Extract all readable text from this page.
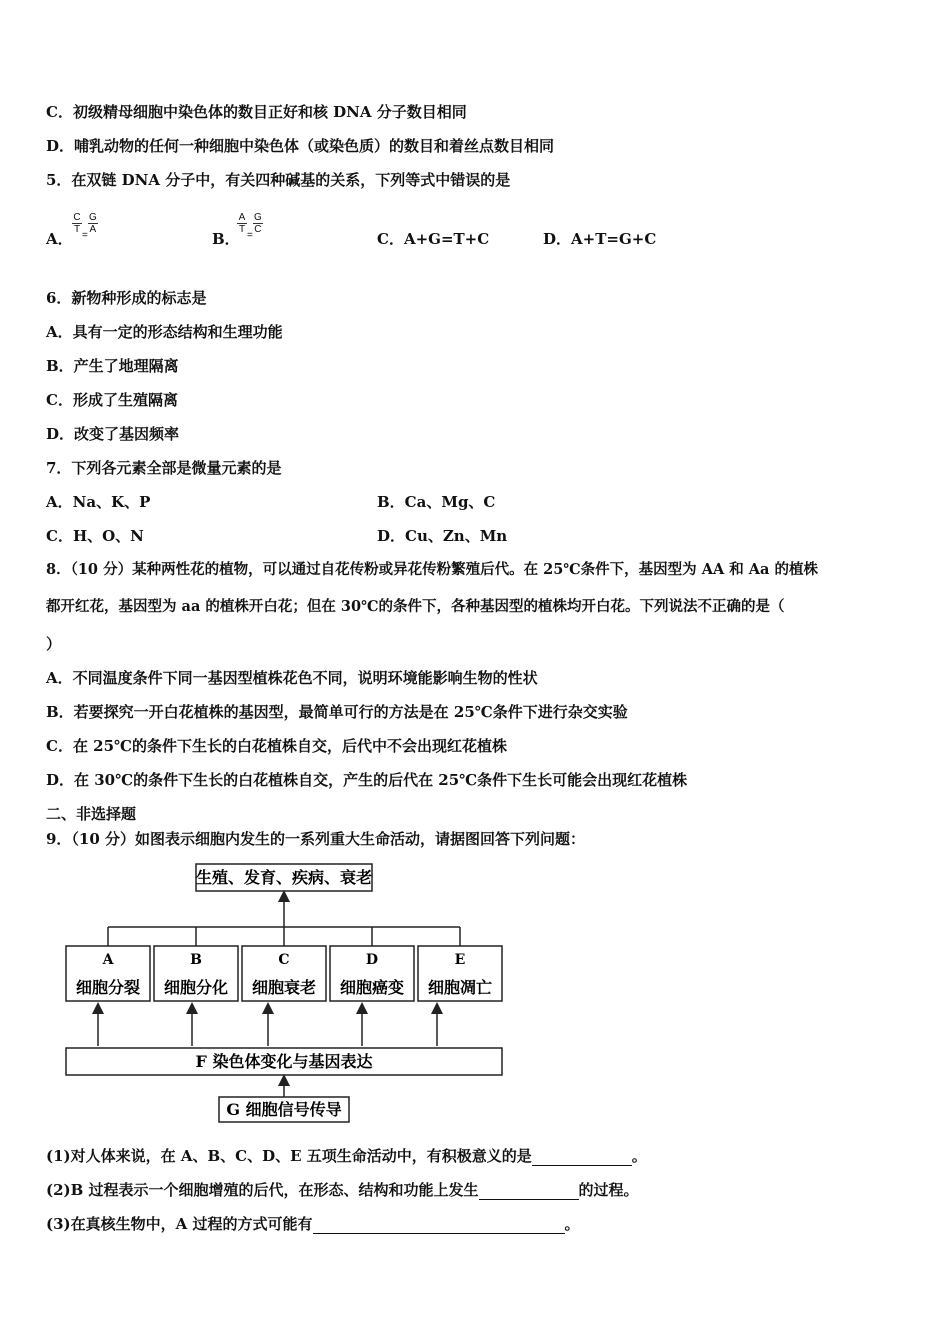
C．初级精母细胞中染色体的数目正好和核 DNA 分子数目相同
D．哺乳动物的任何一种细胞中染色体（或染色质）的数目和着丝点数目相同
5．在双链 DNA 分子中，有关四种碱基的关系，下列等式中错误的是
A．
$\frac{C}{T}$
=
$\frac{G}{A}$
B．
$\frac{A}{T}$
=
$\frac{G}{C}$
C．A+G=T+C	D．A+T=G+C
6．新物种形成的标志是
A．具有一定的形态结构和生理功能
B．产生了地理隔离
C．形成了生殖隔离
D．改变了基因频率
7．下列各元素全部是微量元素的是
A．Na、K、P	B．Ca、Mg、C
C．H、O、N	D．Cu、Zn、Mn
8．（10 分）某种两性花的植物，可以通过自花传粉或异花传粉繁殖后代。在 25℃条件下，基因型为 AA 和 Aa 的植株
都开红花，基因型为 aa 的植株开白花；但在 30℃的条件下，各种基因型的植株均开白花。下列说法不正确的是（
）
A．不同温度条件下同一基因型植株花色不同，说明环境能影响生物的性状
B．若要探究一开白花植株的基因型，最简单可行的方法是在 25℃条件下进行杂交实验
C．在 25℃的条件下生长的白花植株自交，后代中不会出现红花植株
D．在 30℃的条件下生长的白花植株自交，产生的后代在 25℃条件下生长可能会出现红花植株
二、非选择题
9．（10 分）如图表示细胞内发生的一系列重大生命活动，请据图回答下列问题：
生殖、发育、疾病、衰老
A
细胞分裂
B
细胞分化
C
细胞衰老
D
细胞癌变
E
细胞凋亡
F 染色体变化与基因表达
G 细胞信号传导
(1)对人体来说，在 A、B、C、D、E 五项生命活动中，有积极意义的是	。
(2)B 过程表示一个细胞增殖的后代，在形态、结构和功能上发生	的过程。
(3)在真核生物中，A 过程的方式可能有	。
